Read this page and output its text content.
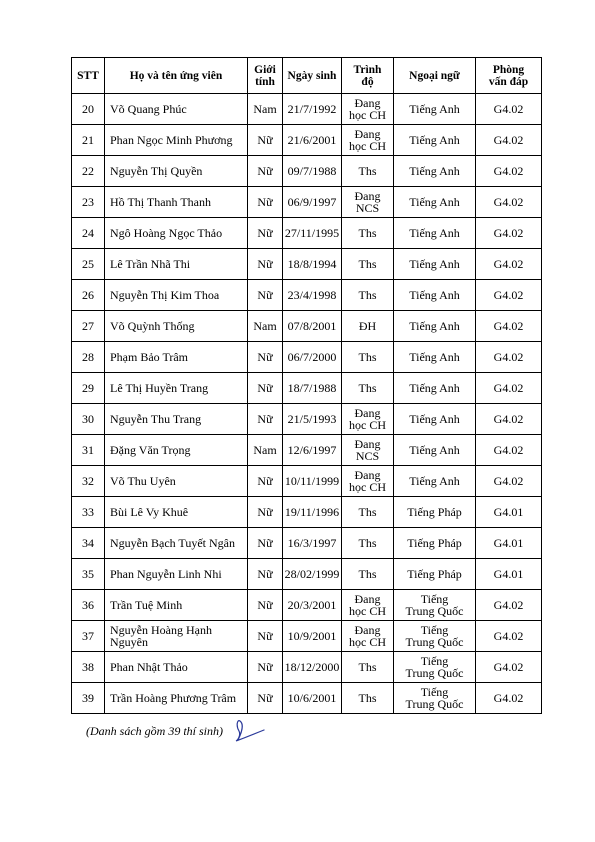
STT	Họ và tên ứng viên	Giới
tính	Ngày sinh	Trình
độ	Ngoại ngữ	Phòng
vấn đáp

20	Võ Quang Phúc	Nam	21/7/1992	Đang
học CH	Tiếng Anh	G4.02
21	Phan Ngọc Minh Phương	Nữ	21/6/2001	Đang
học CH	Tiếng Anh	G4.02
22	Nguyễn Thị Quyền	Nữ	09/7/1988	Ths	Tiếng Anh	G4.02
23	Hồ Thị Thanh Thanh	Nữ	06/9/1997	Đang
NCS	Tiếng Anh	G4.02
24	Ngô Hoàng Ngọc Thảo	Nữ	27/11/1995	Ths	Tiếng Anh	G4.02
25	Lê Trần Nhã Thi	Nữ	18/8/1994	Ths	Tiếng Anh	G4.02
26	Nguyễn Thị Kim Thoa	Nữ	23/4/1998	Ths	Tiếng Anh	G4.02
27	Võ Quỳnh Thống	Nam	07/8/2001	ĐH	Tiếng Anh	G4.02
28	Phạm Bảo Trâm	Nữ	06/7/2000	Ths	Tiếng Anh	G4.02
29	Lê Thị Huyền Trang	Nữ	18/7/1988	Ths	Tiếng Anh	G4.02
30	Nguyễn Thu Trang	Nữ	21/5/1993	Đang
học CH	Tiếng Anh	G4.02
31	Đặng Văn Trọng	Nam	12/6/1997	Đang
NCS	Tiếng Anh	G4.02
32	Võ Thu Uyên	Nữ	10/11/1999	Đang
học CH	Tiếng Anh	G4.02
33	Bùi Lê Vy Khuê	Nữ	19/11/1996	Ths	Tiếng Pháp	G4.01
34	Nguyễn Bạch Tuyết Ngân	Nữ	16/3/1997	Ths	Tiếng Pháp	G4.01
35	Phan Nguyễn Linh Nhi	Nữ	28/02/1999	Ths	Tiếng Pháp	G4.01
36	Trần Tuệ Minh	Nữ	20/3/2001	Đang
học CH	Tiếng
Trung Quốc	G4.02
37	Nguyễn Hoàng Hạnh
Nguyên	Nữ	10/9/2001	Đang
học CH	Tiếng
Trung Quốc	G4.02
38	Phan Nhật Thảo	Nữ	18/12/2000	Ths	Tiếng
Trung Quốc	G4.02
39	Trần Hoàng Phương Trâm	Nữ	10/6/2001	Ths	Tiếng
Trung Quốc	G4.02
(Danh sách gồm 39 thí sinh)
